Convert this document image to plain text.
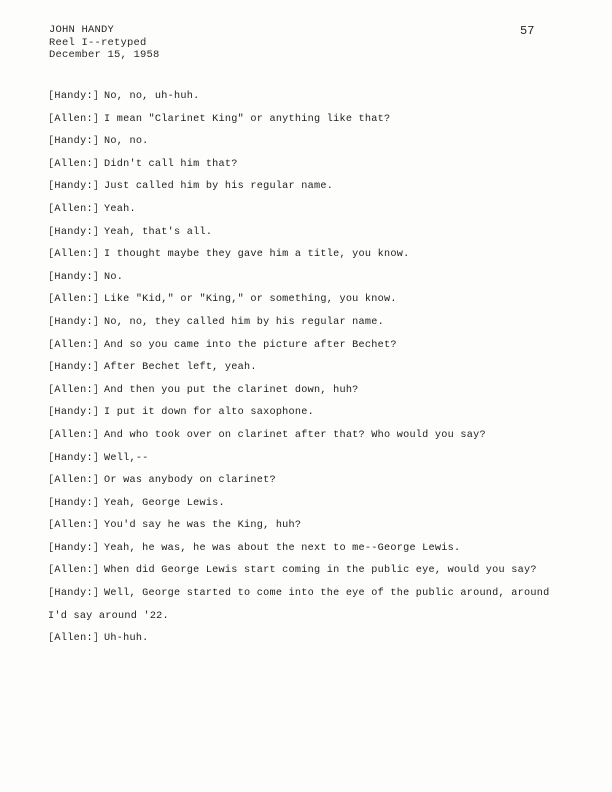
JOHN HANDY
Reel I--retyped
December 15, 1958
57
[Handy:] No, no, uh-huh.
[Allen:] I mean "Clarinet King" or anything like that?
[Handy:] No, no.
[Allen:] Didn't call him that?
[Handy:] Just called him by his regular name.
[Allen:] Yeah.
[Handy:] Yeah, that's all.
[Allen:] I thought maybe they gave him a title, you know.
[Handy:] No.
[Allen:] Like "Kid," or "King," or something, you know.
[Handy:] No, no, they called him by his regular name.
[Allen:] And so you came into the picture after Bechet?
[Handy:] After Bechet left, yeah.
[Allen:] And then you put the clarinet down, huh?
[Handy:] I put it down for alto saxophone.
[Allen:] And who took over on clarinet after that? Who would you say?
[Handy:] Well,--
[Allen:] Or was anybody on clarinet?
[Handy:] Yeah, George Lewis.
[Allen:] You'd say he was the King, huh?
[Handy:] Yeah, he was, he was about the next to me--George Lewis.
[Allen:] When did George Lewis start coming in the public eye, would you say?
[Handy:] Well, George started to come into the eye of the public around, around
I'd say around '22.
[Allen:] Uh-huh.
